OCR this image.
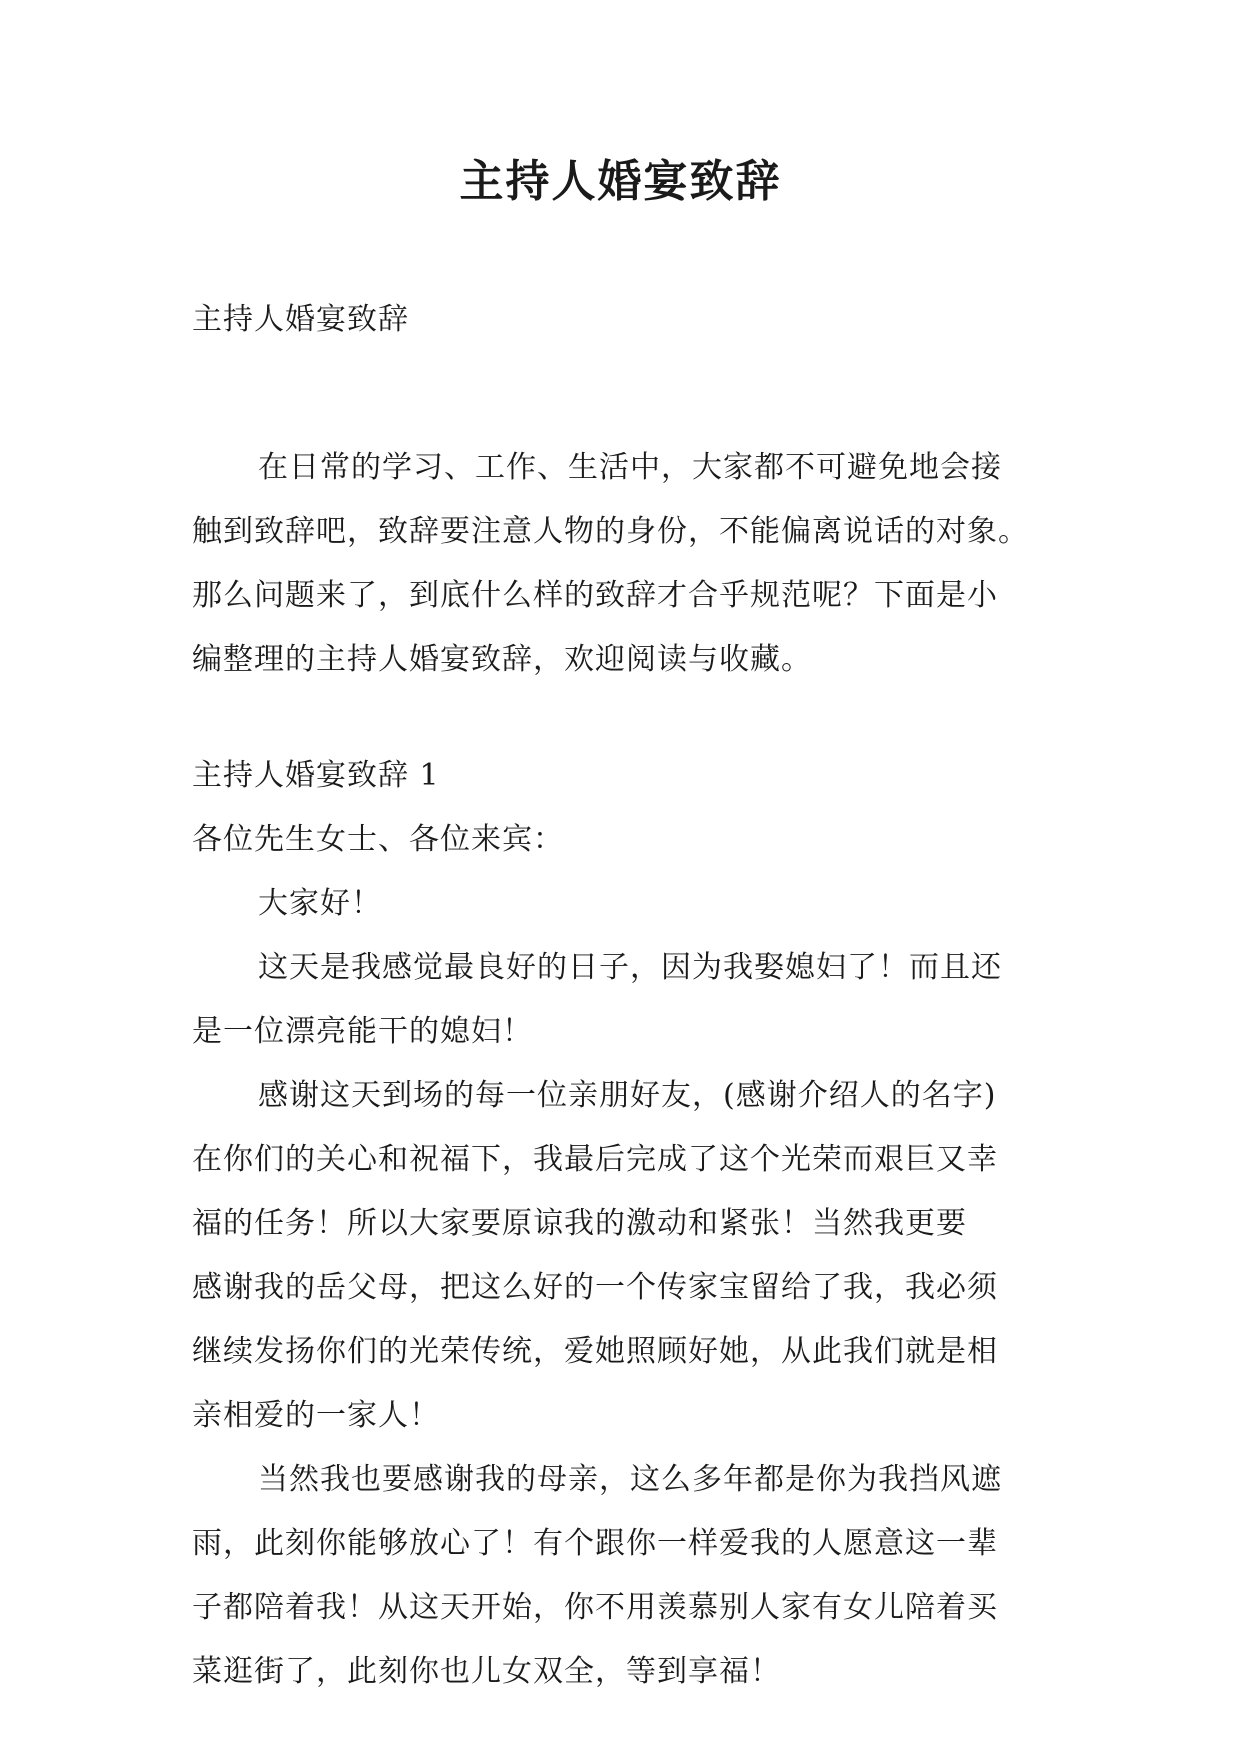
主持人婚宴致辞

主持人婚宴致辞

在日常的学习、工作、生活中，大家都不可避免地会接

触到致辞吧，致辞要注意人物的身份，不能偏离说话的对象。

那么问题来了，到底什么样的致辞才合乎规范呢？下面是小

编整理的主持人婚宴致辞，欢迎阅读与收藏。

主持人婚宴致辞 1

各位先生女士、各位来宾：

大家好！

这天是我感觉最良好的日子，因为我娶媳妇了！而且还

是一位漂亮能干的媳妇！

感谢这天到场的每一位亲朋好友，(感谢介绍人的名字)

在你们的关心和祝福下，我最后完成了这个光荣而艰巨又幸

福的任务！所以大家要原谅我的激动和紧张！当然我更要

感谢我的岳父母，把这么好的一个传家宝留给了我，我必须

继续发扬你们的光荣传统，爱她照顾好她，从此我们就是相

亲相爱的一家人！

当然我也要感谢我的母亲，这么多年都是你为我挡风遮

雨，此刻你能够放心了！有个跟你一样爱我的人愿意这一辈

子都陪着我！从这天开始，你不用羡慕别人家有女儿陪着买

菜逛街了，此刻你也儿女双全，等到享福！
